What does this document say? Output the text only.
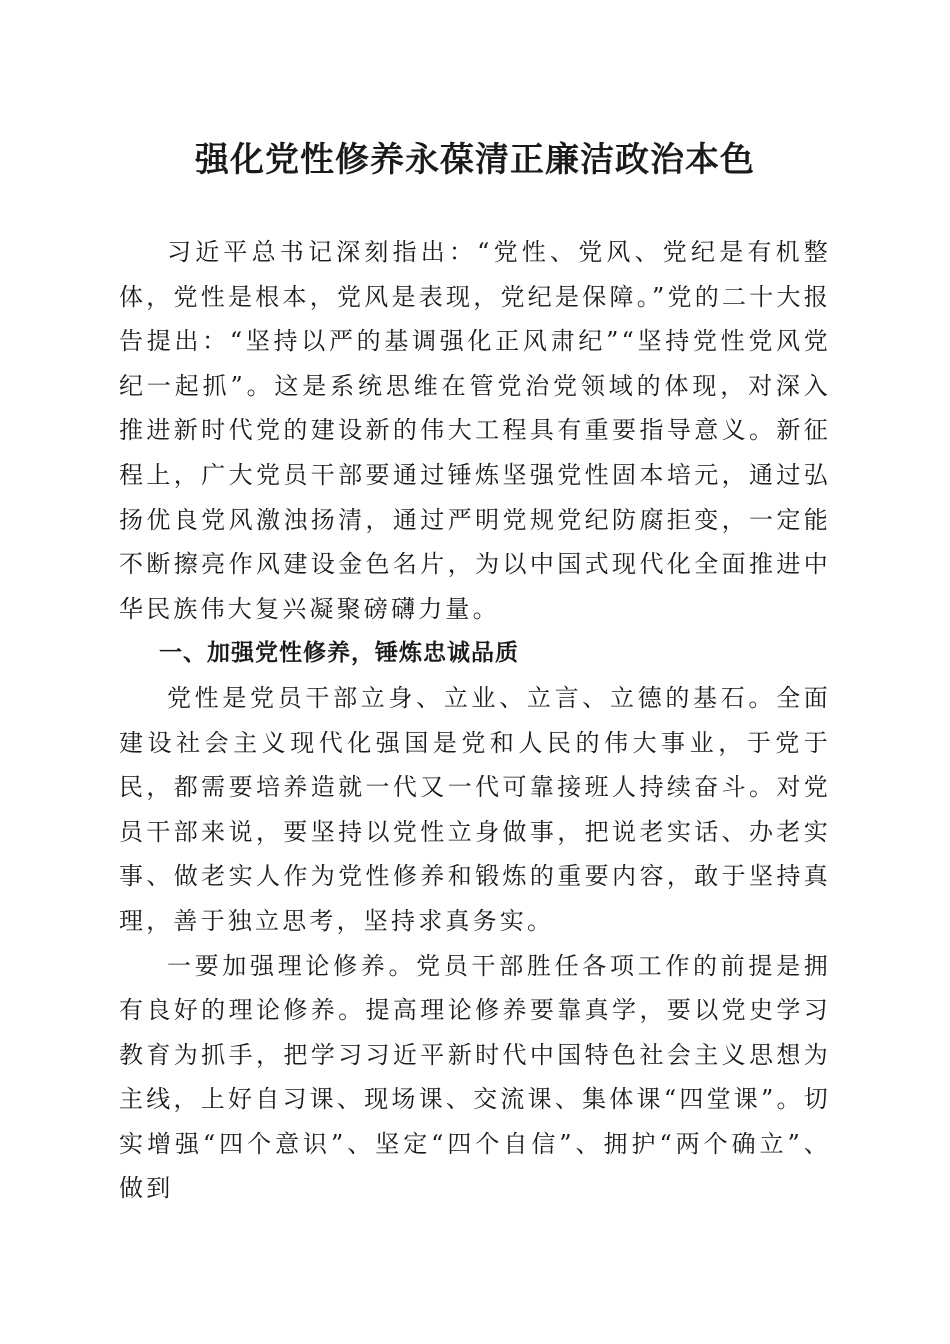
强化党性修养永葆清正廉洁政治本色

习近平总书记深刻指出：“党性、党风、党纪是有机整体，党性是根本，党风是表现，党纪是保障。”党的二十大报告提出：“坚持以严的基调强化正风肃纪”“坚持党性党风党纪一起抓”。这是系统思维在管党治党领域的体现，对深入推进新时代党的建设新的伟大工程具有重要指导意义。新征程上，广大党员干部要通过锤炼坚强党性固本培元，通过弘扬优良党风激浊扬清，通过严明党规党纪防腐拒变，一定能不断擦亮作风建设金色名片，为以中国式现代化全面推进中华民族伟大复兴凝聚磅礴力量。

一、加强党性修养，锤炼忠诚品质

党性是党员干部立身、立业、立言、立德的基石。全面建设社会主义现代化强国是党和人民的伟大事业，于党于民，都需要培养造就一代又一代可靠接班人持续奋斗。对党员干部来说，要坚持以党性立身做事，把说老实话、办老实事、做老实人作为党性修养和锻炼的重要内容，敢于坚持真理，善于独立思考，坚持求真务实。

一要加强理论修养。党员干部胜任各项工作的前提是拥有良好的理论修养。提高理论修养要靠真学，要以党史学习教育为抓手，把学习习近平新时代中国特色社会主义思想为主线，上好自习课、现场课、交流课、集体课“四堂课”。切实增强“四个意识”、坚定“四个自信”、拥护“两个确立”、做到
